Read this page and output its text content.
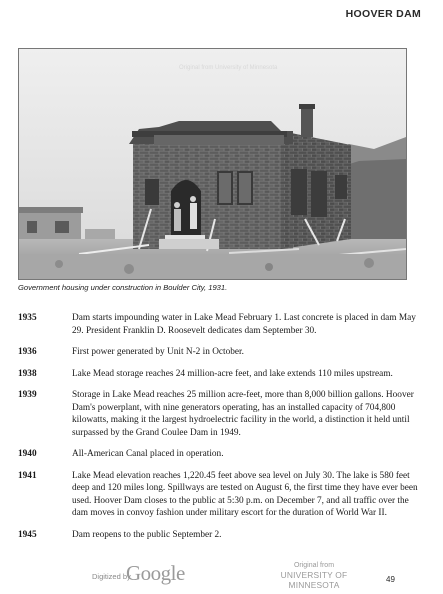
HOOVER DAM
Original from University of Minnesota
Government housing under construction in Boulder City, 1931.
1935	Dam starts impounding water in Lake Mead February 1. Last concrete is placed in dam May 29. President Franklin D. Roosevelt dedicates dam September 30.
1936	First power generated by Unit N-2 in October.
1938	Lake Mead storage reaches 24 million-acre feet, and lake extends 110 miles upstream.
1939	Storage in Lake Mead reaches 25 million acre-feet, more than 8,000 billion gallons. Hoover Dam's powerplant, with nine generators operating, has an installed capacity of 704,800 kilowatts, making it the largest hydroelectric facility in the world, a distinction it held until surpassed by the Grand Coulee Dam in 1949.
1940	All-American Canal placed in operation.
1941	Lake Mead elevation reaches 1,220.45 feet above sea level on July 30. The lake is 580 feet deep and 120 miles long. Spillways are tested on August 6, the first time they have ever been used. Hoover Dam closes to the public at 5:30 p.m. on December 7, and all traffic over the dam moves in convoy fashion under military escort for the duration of World War II.
1945	Dam reopens to the public September 2.
Digitized by
Google	Original from
UNIVERSITY OF MINNESOTA
49
